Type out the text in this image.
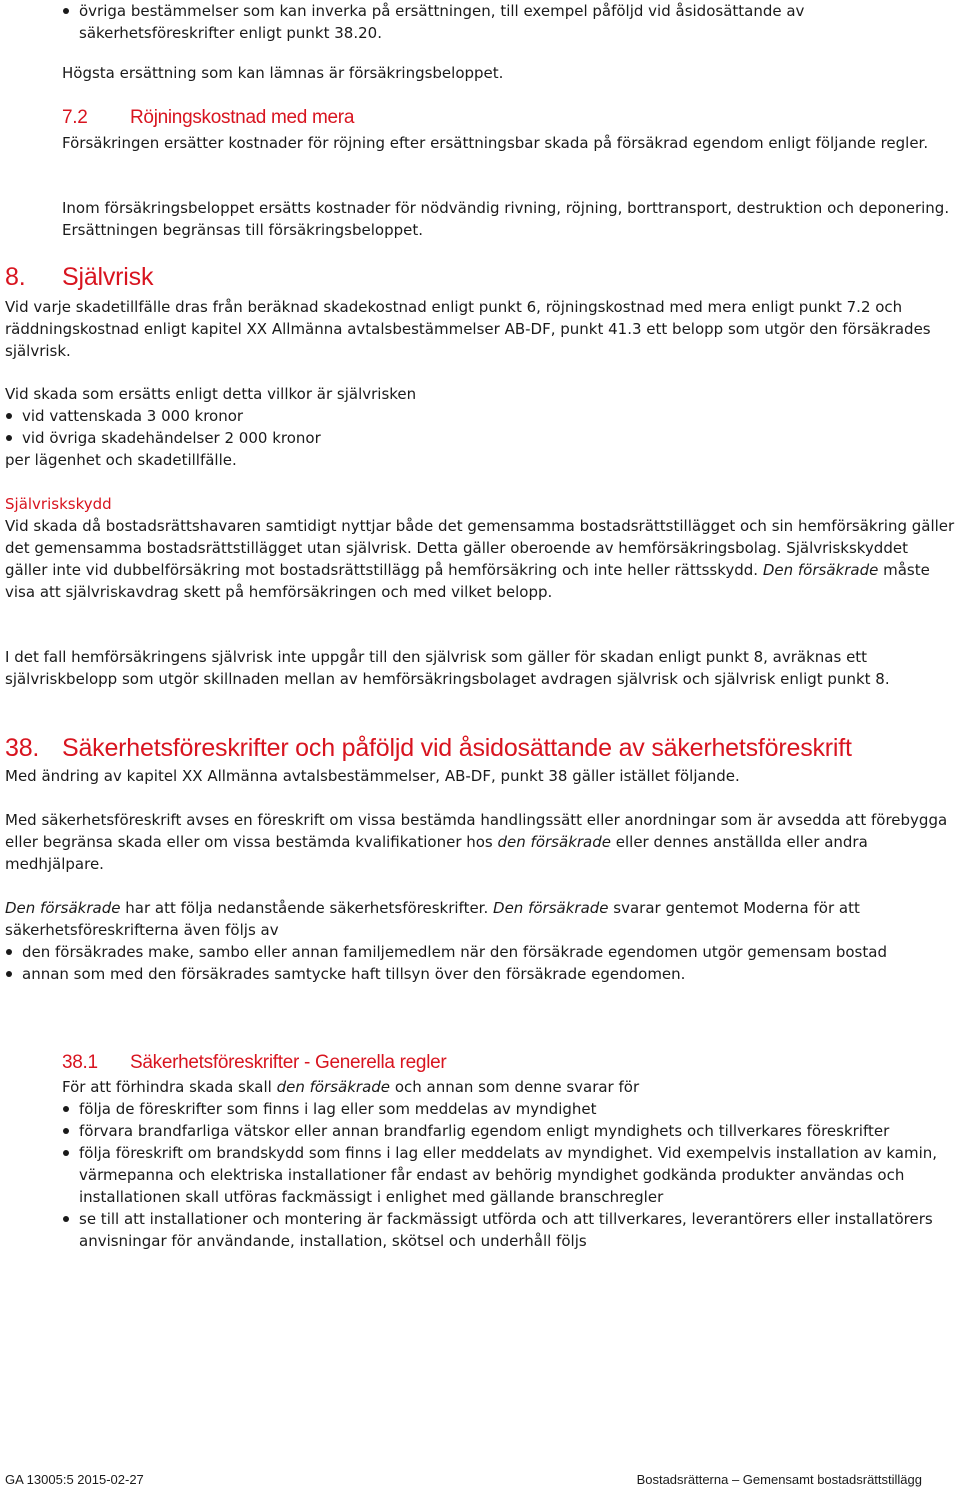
övriga bestämmelser som kan inverka på ersättningen, till exempel påföljd vid åsidosättande av säkerhetsföreskrifter enligt punkt 38.20.

Högsta ersättning som kan lämnas är försäkringsbeloppet.

7.2 Röjningskostnad med mera

Försäkringen ersätter kostnader för röjning efter ersättningsbar skada på försäkrad egendom enligt följande regler.

Inom försäkringsbeloppet ersätts kostnader för nödvändig rivning, röjning, borttransport, destruktion och deponering. Ersättningen begränsas till försäkringsbeloppet.

8. Självrisk

Vid varje skadetillfälle dras från beräknad skadekostnad enligt punkt 6, röjningskostnad med mera enligt punkt 7.2 och räddningskostnad enligt kapitel XX Allmänna avtalsbestämmelser AB-DF, punkt 41.3 ett belopp som utgör den försäkrades självrisk.

Vid skada som ersätts enligt detta villkor är självrisken

vid vattenskada 3 000 kronor
vid övriga skadehändelser 2 000 kronor

per lägenhet och skadetillfälle.

Självriskskydd

Vid skada då bostadsrättshavaren samtidigt nyttjar både det gemensamma bostadsrättstillägget och sin hemförsäkring gäller det gemensamma bostadsrättstillägget utan självrisk. Detta gäller oberoende av hemförsäkringsbolag. Självriskskyddet gäller inte vid dubbelförsäkring mot bostadsrättstillägg på hemförsäkring och inte heller rättsskydd. Den försäkrade måste visa att självriskavdrag skett på hemförsäkringen och med vilket belopp.

I det fall hemförsäkringens självrisk inte uppgår till den självrisk som gäller för skadan enligt punkt 8, avräknas ett självriskbelopp som utgör skillnaden mellan av hemförsäkringsbolaget avdragen självrisk och självrisk enligt punkt 8.

38. Säkerhetsföreskrifter och påföljd vid åsidosättande av säkerhetsföreskrift

Med ändring av kapitel XX Allmänna avtalsbestämmelser, AB-DF, punkt 38 gäller istället följande.

Med säkerhetsföreskrift avses en föreskrift om vissa bestämda handlingssätt eller anordningar som är avsedda att förebygga eller begränsa skada eller om vissa bestämda kvalifikationer hos den försäkrade eller dennes anställda eller andra medhjälpare.

Den försäkrade har att följa nedanstående säkerhetsföreskrifter. Den försäkrade svarar gentemot Moderna för att säkerhetsföreskrifterna även följs av

den försäkrades make, sambo eller annan familjemedlem när den försäkrade egendomen utgör gemensam bostad
annan som med den försäkrades samtycke haft tillsyn över den försäkrade egendomen.
38.1 Säkerhetsföreskrifter - Generella regler

För att förhindra skada skall den försäkrade och annan som denne svarar för

följa de föreskrifter som finns i lag eller som meddelas av myndighet
förvara brandfarliga vätskor eller annan brandfarlig egendom enligt myndighets och tillverkares föreskrifter
följa föreskrift om brandskydd som finns i lag eller meddelats av myndighet. Vid exempelvis installation av kamin, värmepanna och elektriska installationer får endast av behörig myndighet godkända produkter användas och installationen skall utföras fackmässigt i enlighet med gällande branschregler
se till att installationer och montering är fackmässigt utförda och att tillverkares, leverantörers eller installatörers anvisningar för användande, installation, skötsel och underhåll följs
GA 13005:5 2015-02-27	Bostadsrätterna – Gemensamt bostadsrättstillägg
